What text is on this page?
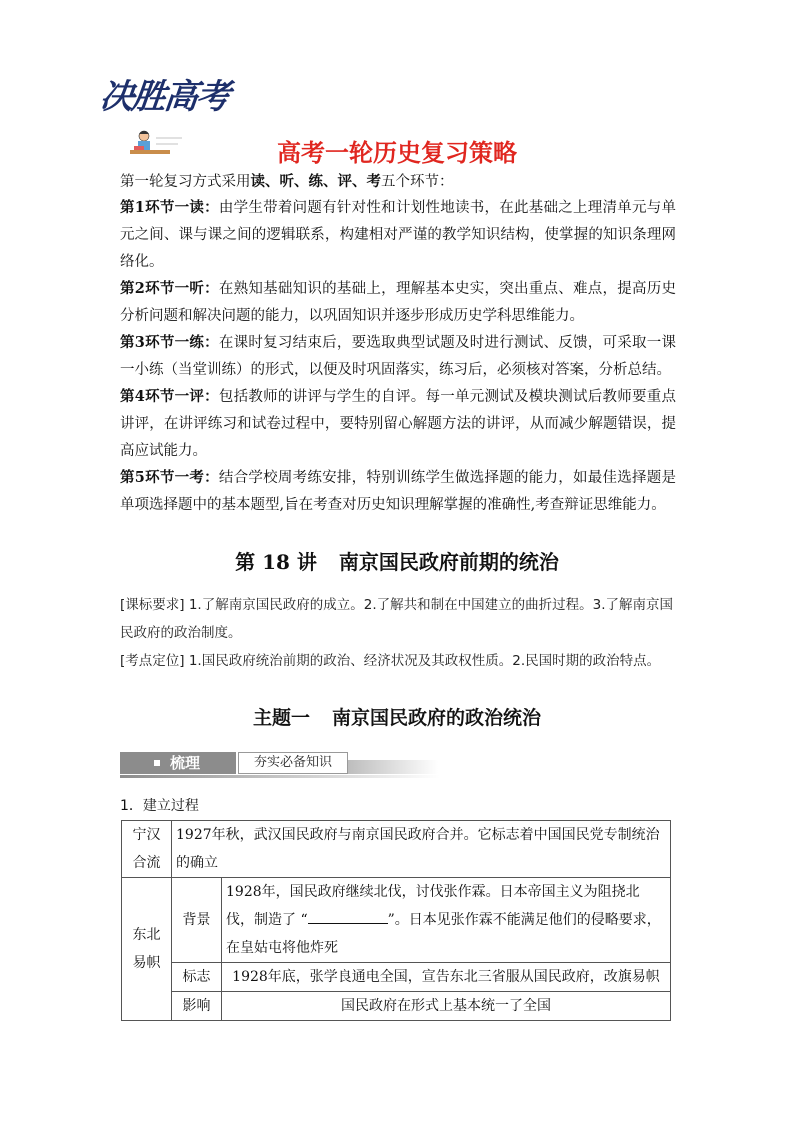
决胜高考
高考一轮历史复习策略
第一轮复习方式采用读、听、练、评、考五个环节：
第1环节一读：由学生带着问题有针对性和计划性地读书，在此基础之上理清单元与单元之间、课与课之间的逻辑联系，构建相对严谨的教学知识结构，使掌握的知识条理网络化。
第2环节一听：在熟知基础知识的基础上，理解基本史实，突出重点、难点，提高历史分析问题和解决问题的能力，以巩固知识并逐步形成历史学科思维能力。
第3环节一练：在课时复习结束后，要选取典型试题及时进行测试、反馈，可采取一课一小练（当堂训练）的形式，以便及时巩固落实，练习后，必须核对答案，分析总结。
第4环节一评：包括教师的讲评与学生的自评。每一单元测试及模块测试后教师要重点讲评，在讲评练习和试卷过程中，要特别留心解题方法的讲评，从而减少解题错误，提高应试能力。
第5环节一考：结合学校周考练安排，特别训练学生做选择题的能力，如最佳选择题是单项选择题中的基本题型,旨在考查对历史知识理解掌握的准确性,考查辩证思维能力。
第 18 讲 南京国民政府前期的统治
[课标要求] 1.了解南京国民政府的成立。2.了解共和制在中国建立的曲折过程。3.了解南京国民政府的政治制度。
[考点定位] 1.国民政府统治前期的政治、经济状况及其政权性质。2.民国时期的政治特点。
主题一 南京国民政府的政治统治
梳理	夯实必备知识
1．建立过程
宁汉
合流	1927年秋，武汉国民政府与南京国民政府合并。它标志着中国国民党专制统治的确立	

东北
易帜	背景	1928年，国民政府继续北伐，讨伐张作霖。日本帝国主义为阻挠北伐，制造了 “ ”。日本见张作霖不能满足他们的侵略要求，在皇姑屯将他炸死
	标志	1928年底，张学良通电全国，宣告东北三省服从国民政府，改旗易帜
	影响	国民政府在形式上基本统一了全国
